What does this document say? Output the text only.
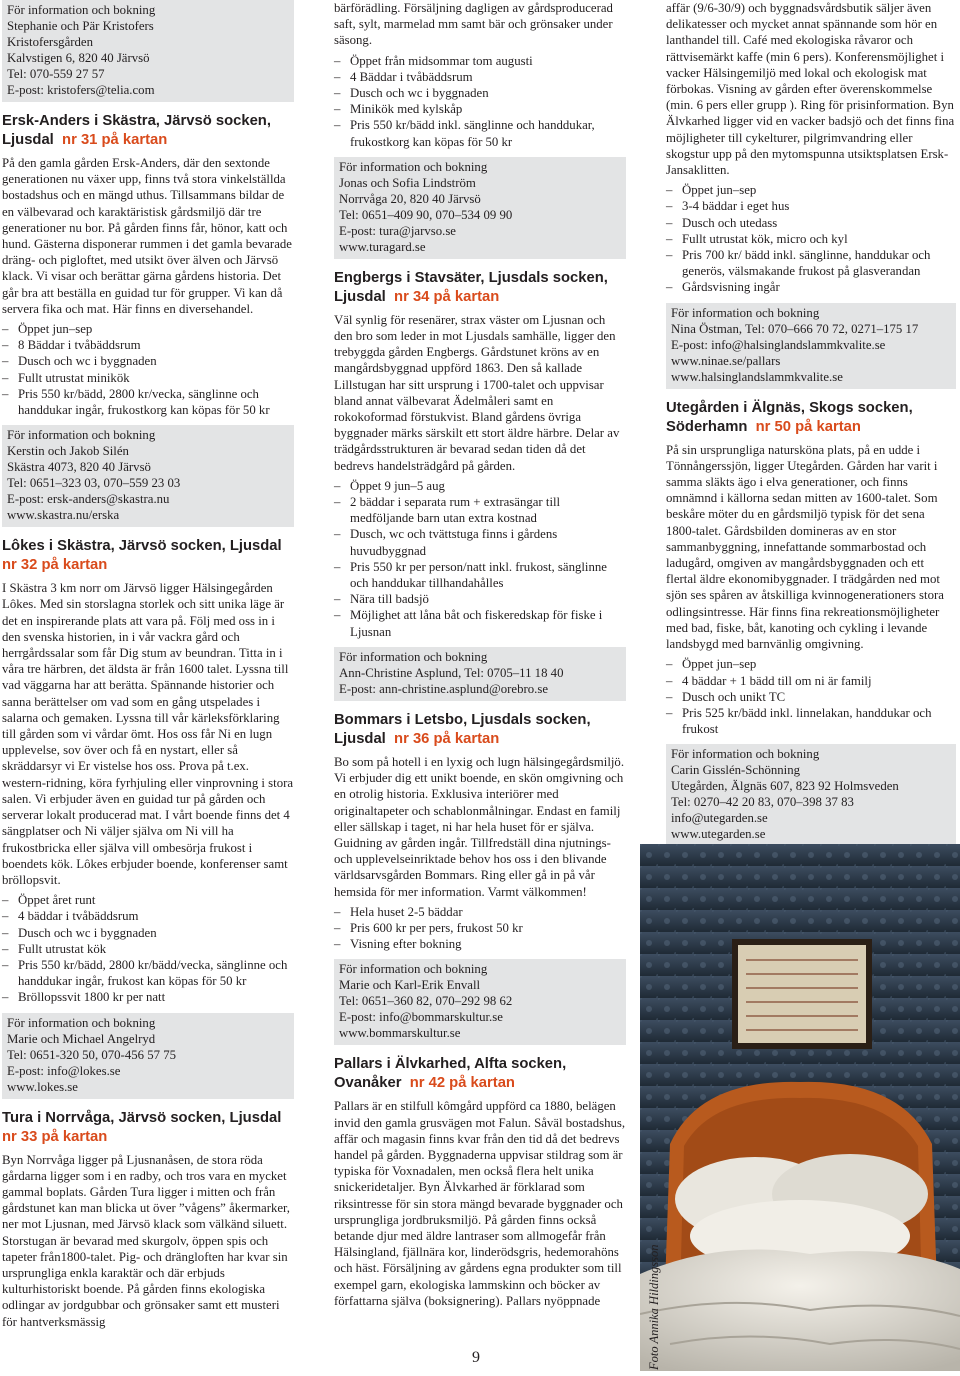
För information och bokning

Stephanie och Pär Kristofers

Kristofersgården

Kalvstigen 6, 820 40 Järvsö

Tel: 070-559 27 57

E-post: kristofers@telia.com

Ersk-Anders i Skästra, Järvsö socken, Ljusdal nr 31 på kartan

På den gamla gården Ersk-Anders, där den sextonde generationen nu växer upp, finns två stora vinkelställda bostadshus och en mängd uthus. Tillsammans bildar de en välbevarad och karaktäristisk gårdsmiljö där tre generationer nu bor. På gården finns får, hönor, katt och hund. Gästerna disponerar rummen i det gamla bevarade dräng- och pigloftet, med utsikt över älven och Järvsö klack. Vi visar och berättar gärna gårdens historia. Det går bra att beställa en guidad tur för grupper. Vi kan då servera fika och mat. Här finns en diversehandel.

– Öppet jun–sep
– 8 Bäddar i tvåbäddsrum
– Dusch och wc i byggnaden
– Fullt utrustat minikök
– Pris 550 kr/bädd, 2800 kr/vecka, sänglinne och handdukar ingår, frukostkorg kan köpas för 50 kr

För information och bokning

Kerstin och Jakob Silén

Skästra 4073, 820 40 Järvsö

Tel: 0651–323 03, 070–559 23 03

E-post: ersk-anders@skastra.nu

www.skastra.nu/erska

Lôkes i Skästra, Järvsö socken, Ljusdal
nr 32 på kartan

I Skästra 3 km norr om Järvsö ligger Hälsingegården Lôkes. Med sin storslagna storlek och sitt unika läge är det en inspirerande plats att vara på. Följ med oss in i den svenska historien, in i vår vackra gård och herrgårdssalar som får Dig stum av beundran. Titta in i våra tre härbren, det äldsta är från 1600 talet. Lyssna till vad väggarna har att berätta. Spännande historier och sanna berättelser om vad som en gång utspelades i salarna och gemaken. Lyssna till vår kärleksförklaring till gården som vi vårdar ömt. Hos oss får Ni en lugn upplevelse, sov över och få en nystart, eller så skräddarsyr vi Er vistelse hos oss. Prova på t.ex. western-ridning, köra fyrhjuling eller vinprovning i stora salen. Vi erbjuder även en guidad tur på gården och serverar lokalt producerad mat. I vårt boende finns det 4 sängplatser och Ni väljer själva om Ni vill ha frukostbricka eller själva vill ombesörja frukost i boendets kök. Lôkes erbjuder boende, konferenser samt bröllopsvit.

– Öppet året runt
– 4 bäddar i tvåbäddsrum
– Dusch och wc i byggnaden
– Fullt utrustat kök
– Pris 550 kr/bädd, 2800 kr/bädd/vecka, sänglinne och handdukar ingår, frukost kan köpas för 50 kr
– Bröllopssvit 1800 kr per natt

För information och bokning

Marie och Michael Angelryd

Tel: 0651-320 50, 070-456 57 75

E-post: info@lokes.se

www.lokes.se

Tura i Norrvåga, Järvsö socken, Ljusdal
nr 33 på kartan

Byn Norrvåga ligger på Ljusnanåsen, de stora röda gårdarna ligger som i en radby, och tros vara en mycket gammal boplats. Gården Tura ligger i mitten och från gårdstunet kan man blicka ut över ”vågens” åkermarker, ner mot Ljusnan, med Järvsö klack som välkänd siluett. Storstugan är bevarad med skurgolv, öppen spis och tapeter från1800-talet. Pig- och drängloften har kvar sin ursprungliga enkla karaktär och där erbjuds kulturhistoriskt boende. På gården finns ekologiska odlingar av jordgubbar och grönsaker samt ett musteri för hantverksmässig

bärförädling. Försäljning dagligen av gårdsproducerad saft, sylt, marmelad mm samt bär och grönsaker under säsong.

– Öppet från midsommar tom augusti
– 4 Bäddar i tvåbäddsrum
– Dusch och wc i byggnaden
– Minikök med kylskåp
– Pris 550 kr/bädd inkl. sänglinne och handdukar, frukostkorg kan köpas för 50 kr

För information och bokning

Jonas och Sofia Lindström

Norrvåga 20, 820 40 Järvsö

Tel: 0651–409 90, 070–534 09 90

E-post: tura@jarvso.se

www.turagard.se

Engbergs i Stavsäter, Ljusdals socken, Ljusdal nr 34 på kartan

Väl synlig för resenärer, strax väster om Ljusnan och den bro som leder in mot Ljusdals samhälle, ligger den trebyggda gården Engbergs. Gårdstunet kröns av en mangårdsbyggnad uppförd 1863. Den så kallade Lillstugan har sitt ursprung i 1700-talet och uppvisar bland annat välbevarat Ädelmåleri samt en rokokoformad förstukvist. Bland gårdens övriga byggnader märks särskilt ett stort äldre härbre. Delar av trädgårdsstrukturen är bevarad sedan tiden då det bedrevs handelsträdgård på gården.

– Öppet 9 jun–5 aug
– 2 bäddar i separata rum + extrasängar till medföljande barn utan extra kostnad
– Dusch, wc och tvättstuga finns i gårdens huvudbyggnad
– Pris 550 kr per person/natt inkl. frukost, sänglinne och handdukar tillhandahålles
– Nära till badsjö
– Möjlighet att låna båt och fiskeredskap för fiske i Ljusnan

För information och bokning

Ann-Christine Asplund, Tel: 0705–11 18 40

E-post: ann-christine.asplund@orebro.se

Bommars i Letsbo, Ljusdals socken, Ljusdal nr 36 på kartan

Bo som på hotell i en lyxig och lugn hälsingegårdsmiljö. Vi erbjuder dig ett unikt boende, en skön omgivning och en otrolig historia. Exklusiva interiörer med originaltapeter och schablonmålningar. Endast en familj eller sällskap i taget, ni har hela huset för er själva. Guidning av gården ingår. Tillfredställ dina njutnings- och upplevelseinriktade behov hos oss i den blivande världsarvsgården Bommars. Ring eller gå in på vår hemsida för mer information. Varmt välkommen!

– Hela huset 2-5 bäddar
– Pris 600 kr per pers, frukost 50 kr
– Visning efter bokning

För information och bokning

Marie och Karl-Erik Envall

Tel: 0651–360 82, 070–292 98 62

E-post: info@bommarskultur.se

www.bommarskultur.se

Pallars i Älvkarhed, Alfta socken, Ovanåker nr 42 på kartan

Pallars är en stilfull kômgård uppförd ca 1880, belägen invid den gamla grusvägen mot Falun. Såväl bostadshus, affär och magasin finns kvar från den tid då det bedrevs handel på gården. Byggnaderna uppvisar stildrag som är typiska för Voxnadalen, men också flera helt unika snickeridetaljer. Byn Älvkarhed är förklarad som riksintresse för sin stora mängd bevarade byggnader och ursprungliga jordbruksmiljö. På gården finns också betande djur med äldre lantraser som allmogefår från Hälsingland, fjällnära kor, linderödsgris, hedemorahöns och häst. Försäljning av gårdens egna produkter som till exempel garn, ekologiska lammskinn och böcker av författarna själva (boksignering). Pallars nyöppnade

affär (9/6-30/9) och byggnadsvårdsbutik säljer även delikatesser och mycket annat spännande som hör en lanthandel till. Café med ekologiska råvaror och rättvisemärkt kaffe (min 6 pers). Konferensmöjlighet i vacker Hälsingemiljö med lokal och ekologisk mat förbokas. Visning av gården efter överenskommelse (min. 6 pers eller grupp ). Ring för prisinformation. Byn Älvkarhed ligger vid en vacker badsjö och det finns fina möjligheter till cykelturer, pilgrimvandring eller skogstur upp på den mytomspunna utsiktsplatsen Ersk-Jansaklitten.

– Öppet jun–sep
– 3-4 bäddar i eget hus
– Dusch och utedass
– Fullt utrustat kök, micro och kyl
– Pris 700 kr/ bädd inkl. sänglinne, handdukar och generös, välsmakande frukost på glasverandan
– Gårdsvisning ingår

För information och bokning

Nina Östman, Tel: 070–666 70 72, 0271–175 17

E-post: info@halsinglandslammkvalite.se

www.ninae.se/pallars

www.halsinglandslammkvalite.se

Utegården i Älgnäs, Skogs socken, Söderhamn nr 50 på kartan

På sin ursprungliga natursköna plats, på en udde i Tönnångerssjön, ligger Utegården. Gården har varit i samma släkts ägo i elva generationer, och finns omnämnd i källorna sedan mitten av 1600-talet. Som beskåre möter du en gårdsmiljö typisk för det sena 1800-talet. Gårdsbilden domineras av en stor sammanbyggning, innefattande sommarbostad och ladugård, omgiven av mangårdsbyggnaden och ett flertal äldre ekonomibyggnader. I trädgården ned mot sjön ses spåren av åtskilliga kvinnogenerationers stora odlingsintresse. Här finns fina rekreationsmöjligheter med bad, fiske, båt, kanoting och cykling i levande landsbygd med barnvänlig omgivning.

– Öppet jun–sep
– 4 bäddar + 1 bädd till om ni är familj
– Dusch och unikt TC
– Pris 525 kr/bädd inkl. linnelakan, handdukar och frukost

För information och bokning

Carin Gisslén-Schönning

Utegården, Älgnäs 607, 823 92 Holmsveden

Tel: 0270–42 20 83, 070–398 37 83

info@utegarden.se

www.utegarden.se

Foto Annika Hildingsson
9
